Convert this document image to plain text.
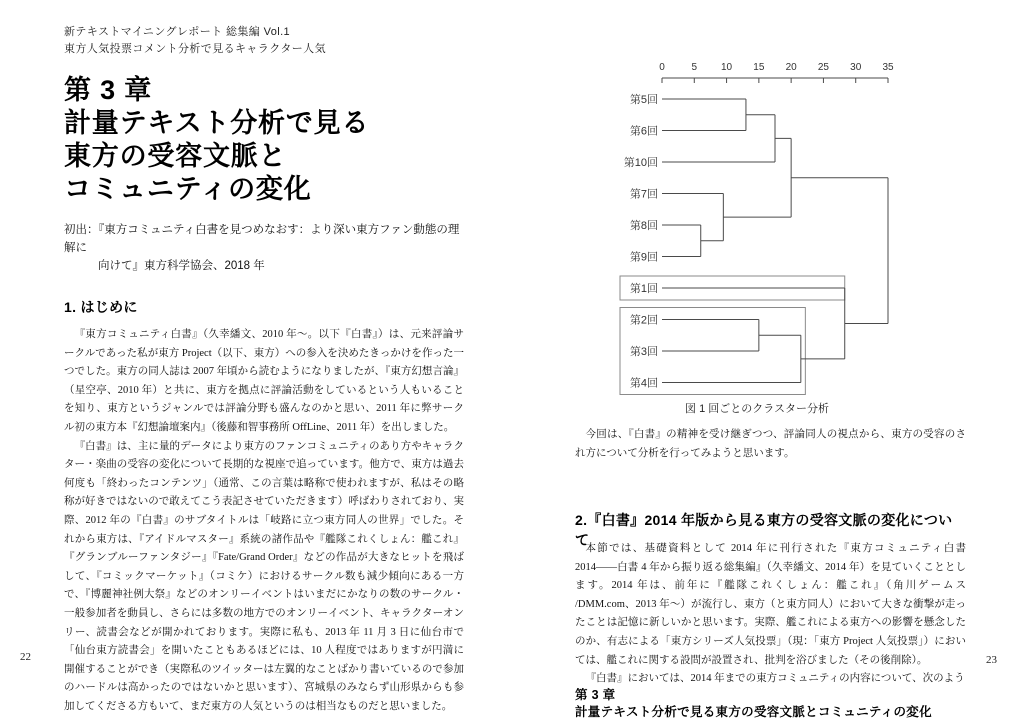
新テキストマイニングレポート 総集編 Vol.1
東方人気投票コメント分析で見るキャラクター人気
第 3 章
計量テキスト分析で見る
東方の受容文脈と
コミュニティの変化
初出：『東方コミュニティ白書を見つめなおす：より深い東方ファン動態の理解に
向けて』東方科学協会、2018 年
1. はじめに

『東方コミュニティ白書』（久幸繙文、2010 年～。以下『白書』）は、元来評論サークルであった私が東方 Project（以下、東方）への参入を決めたきっかけを作った一つでした。東方の同人誌は 2007 年頃から読むようになりましたが、『東方幻想言論』（星空亭、2010 年）と共に、東方を拠点に評論活動をしているという人もいることを知り、東方というジャンルでは評論分野も盛んなのかと思い、2011 年に弊サークル初の東方本『幻想論壇案内』（後藤和智事務所 OffLine、2011 年）を出しました。

『白書』は、主に量的データにより東方のファンコミュニティのあり方やキャラクター・楽曲の受容の変化について長期的な視座で追っています。他方で、東方は過去何度も「終わったコンテンツ」（通常、この言葉は略称で使われますが、私はその略称が好きではないので敢えてこう表記させていただきます）呼ばわりされており、実際、2012 年の『白書』のサブタイトルは「岐路に立つ東方同人の世界」でした。それから東方は、『アイドルマスター』系統の諸作品や『艦隊これくしょん：艦これ』『グランブルーファンタジー』『Fate/Grand Order』などの作品が大きなヒットを飛ばして、『コミックマーケット』（コミケ）におけるサークル数も減少傾向にある一方で、『博麗神社例大祭』などのオンリーイベントはいまだにかなりの数のサークル・一般参加者を動員し、さらには多数の地方でのオンリーイベント、キャラクターオンリー、読書会などが開かれております。実際に私も、2013 年 11 月 3 日に仙台市で「仙台東方読書会」を開いたこともあるほどには、10 人程度ではありますが円満に開催することができ（実際私のツイッターは左翼的なことばかり書いているので参加のハードルは高かったのではないかと思います）、宮城県のみならず山形県からも参加してくださる方もいて、まだ東方の人気というのは相当なものだと思いました。

0	5 10 15 20 25 30 35
第5回
第6回
第10回
第7回
第8回
第9回
第1回
第2回
第3回
第4回
図 1 回ごとのクラスター分析

今回は、『白書』の精神を受け継ぎつつ、評論同人の視点から、東方の受容のされ方について分析を行ってみようと思います。

2.『白書』2014 年版から見る東方の受容文脈の変化について

本節では、基礎資料として 2014 年に刊行された『東方コミュニティ白書 2014――白書 4 年から振り返る総集編』（久幸繙文、2014 年）を見ていくこととします。2014 年は、前年に『艦隊これくしょん：艦これ』（角川ゲームス /DMM.com、2013 年～）が流行し、東方（と東方同人）において大きな衝撃が走ったことは記憶に新しいかと思います。実際、艦これによる東方への影響を懸念したのか、有志による「東方シリーズ人気投票」（現：「東方 Project 人気投票」）においては、艦これに関する設問が設置され、批判を浴びました（その後削除）。

『白書』においては、2014 年までの東方コミュニティの内容について、次のよう

第 3 章
計量テキスト分析で見る東方の受容文脈とコミュニティの変化
22	23
